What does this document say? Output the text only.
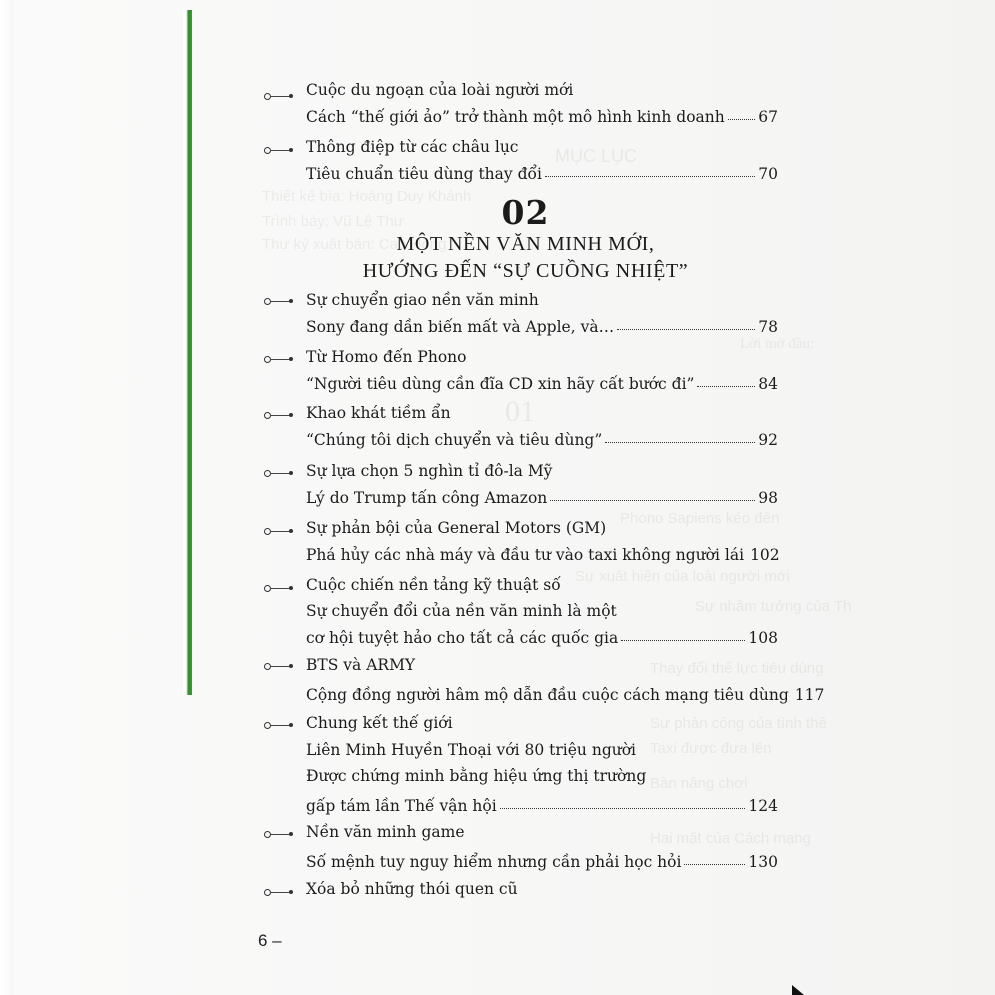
MỤC LỤC
Thiết kế bìa: Hoàng Duy Khánh
Trình bày: Vũ Lệ Thư
Thư ký xuất bản: Cao Hồng
Lời mở đầu:
01
Phono Sapiens kéo đến
Sự xuất hiện của loài người mới
Sự nhầm tưởng của Th
Thay đổi thể lực tiêu dùng
Sự phản công của tình thế
Taxi được đưa lên
Bàn nâng chơi
Hai mặt của Cách mạng
Cuộc du ngoạn của loài người mới
Cách “thế giới ảo” trở thành một mô hình kinh doanh 67
Thông điệp từ các châu lục
Tiêu chuẩn tiêu dùng thay đổi	70
02
MỘT NỀN VĂN MINH MỚI,
HƯỚNG ĐẾN “SỰ CUỒNG NHIỆT”
Sự chuyển giao nền văn minh
Sony đang dần biến mất và Apple, và…	78
Từ Homo đến Phono
“Người tiêu dùng cần đĩa CD xin hãy cất bước đi”	84
Khao khát tiềm ẩn
“Chúng tôi dịch chuyển và tiêu dùng”	92
Sự lựa chọn 5 nghìn tỉ đô-la Mỹ
Lý do Trump tấn công Amazon	98
Sự phản bội của General Motors (GM)
Phá hủy các nhà máy và đầu tư vào taxi không người lái 102
Cuộc chiến nền tảng kỹ thuật số
Sự chuyển đổi của nền văn minh là một
cơ hội tuyệt hảo cho tất cả các quốc gia	108
BTS và ARMY
Cộng đồng người hâm mộ dẫn đầu cuộc cách mạng tiêu dùng 117
Chung kết thế giới
Liên Minh Huyền Thoại với 80 triệu người
Được chứng minh bằng hiệu ứng thị trường
gấp tám lần Thế vận hội	124
Nền văn minh game
Số mệnh tuy nguy hiểm nhưng cần phải học hỏi	130
Xóa bỏ những thói quen cũ
6 –
